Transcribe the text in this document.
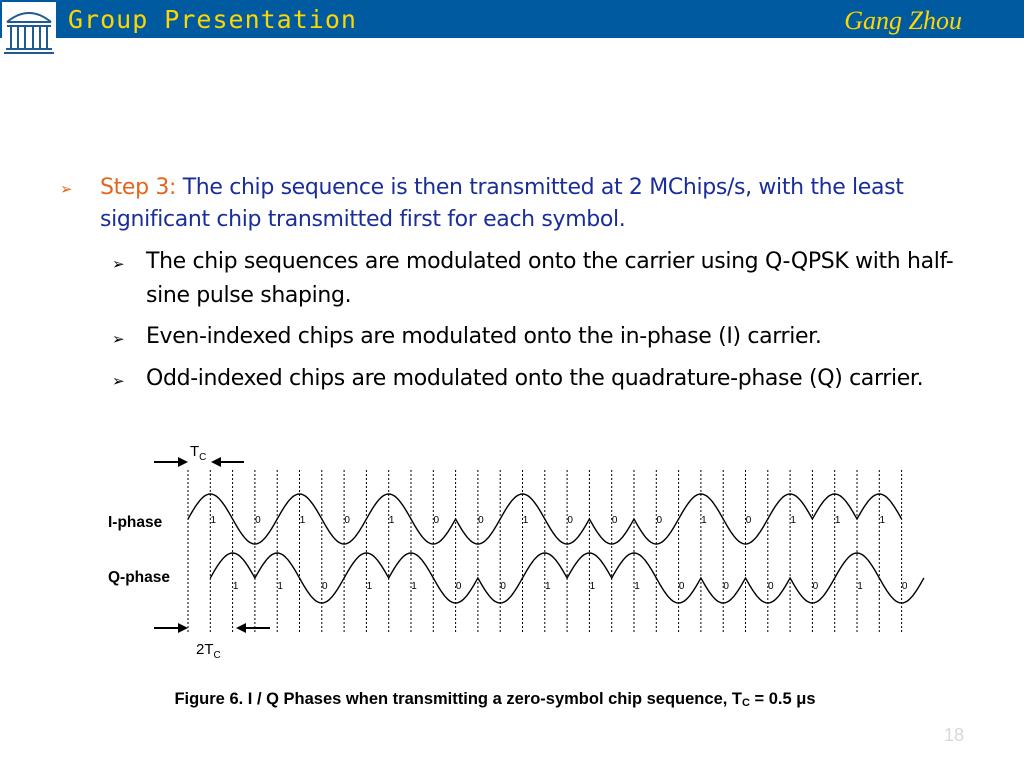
Group Presentation	Gang Zhou
➢ Step 3: The chip sequence is then transmitted at 2 MChips/s, with the least significant chip transmitted first for each symbol.
➢ The chip sequences are modulated onto the carrier using Q-QPSK with half-sine pulse shaping.
➢ Even-indexed chips are modulated onto the in-phase (I) carrier.
➢ Odd-indexed chips are modulated onto the quadrature-phase (Q) carrier.
1	0	1	0	1	0	0	1	0	0	0	1	0	1	1	1
1	1	0	1	1	0	0	1	1	1	0	0	0	0	1	0
I-phase
Q-phase
$T_C$
$2T_C$
Figure 6. I / Q Phases when transmitting a zero-symbol chip sequence, $T_C = 0.5$ μs
18
